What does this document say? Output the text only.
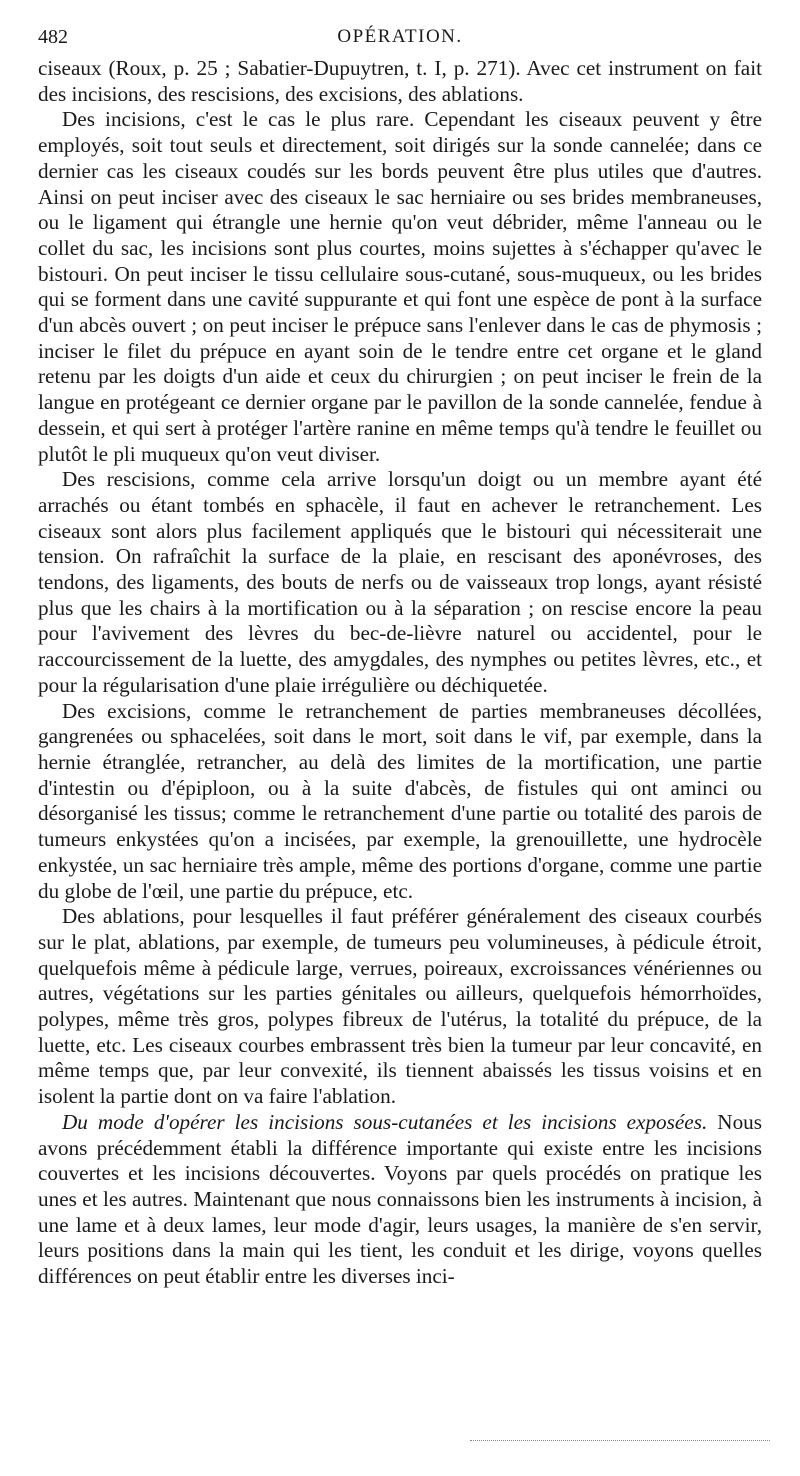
482	OPÉRATION.

ciseaux (Roux, p. 25 ; Sabatier-Dupuytren, t. I, p. 271). Avec cet instrument on fait des incisions, des rescisions, des excisions, des ablations.

Des incisions, c'est le cas le plus rare. Cependant les ciseaux peuvent y être employés, soit tout seuls et directement, soit dirigés sur la sonde cannelée; dans ce dernier cas les ciseaux coudés sur les bords peuvent être plus utiles que d'autres. Ainsi on peut inciser avec des ciseaux le sac herniaire ou ses brides membraneuses, ou le ligament qui étrangle une hernie qu'on veut débrider, même l'anneau ou le collet du sac, les incisions sont plus courtes, moins sujettes à s'échapper qu'avec le bistouri. On peut inciser le tissu cellulaire sous-cutané, sous-muqueux, ou les brides qui se forment dans une cavité suppurante et qui font une espèce de pont à la surface d'un abcès ouvert ; on peut inciser le prépuce sans l'enlever dans le cas de phymosis ; inciser le filet du prépuce en ayant soin de le tendre entre cet organe et le gland retenu par les doigts d'un aide et ceux du chirurgien ; on peut inciser le frein de la langue en protégeant ce dernier organe par le pavillon de la sonde cannelée, fendue à dessein, et qui sert à protéger l'artère ranine en même temps qu'à tendre le feuillet ou plutôt le pli muqueux qu'on veut diviser.

Des rescisions, comme cela arrive lorsqu'un doigt ou un membre ayant été arrachés ou étant tombés en sphacèle, il faut en achever le retranchement. Les ciseaux sont alors plus facilement appliqués que le bistouri qui nécessiterait une tension. On rafraîchit la surface de la plaie, en rescisant des aponévroses, des tendons, des ligaments, des bouts de nerfs ou de vaisseaux trop longs, ayant résisté plus que les chairs à la mortification ou à la séparation ; on rescise encore la peau pour l'avivement des lèvres du bec-de-lièvre naturel ou accidentel, pour le raccourcissement de la luette, des amygdales, des nymphes ou petites lèvres, etc., et pour la régularisation d'une plaie irrégulière ou déchiquetée.

Des excisions, comme le retranchement de parties membraneuses décollées, gangrenées ou sphacelées, soit dans le mort, soit dans le vif, par exemple, dans la hernie étranglée, retrancher, au delà des limites de la mortification, une partie d'intestin ou d'épiploon, ou à la suite d'abcès, de fistules qui ont aminci ou désorganisé les tissus; comme le retranchement d'une partie ou totalité des parois de tumeurs enkystées qu'on a incisées, par exemple, la grenouillette, une hydrocèle enkystée, un sac herniaire très ample, même des portions d'organe, comme une partie du globe de l'œil, une partie du prépuce, etc.

Des ablations, pour lesquelles il faut préférer généralement des ciseaux courbés sur le plat, ablations, par exemple, de tumeurs peu volumineuses, à pédicule étroit, quelquefois même à pédicule large, verrues, poireaux, excroissances vénériennes ou autres, végétations sur les parties génitales ou ailleurs, quelquefois hémorrhoïdes, polypes, même très gros, polypes fibreux de l'utérus, la totalité du prépuce, de la luette, etc. Les ciseaux courbes embrassent très bien la tumeur par leur concavité, en même temps que, par leur convexité, ils tiennent abaissés les tissus voisins et en isolent la partie dont on va faire l'ablation.

Du mode d'opérer les incisions sous-cutanées et les incisions exposées. Nous avons précédemment établi la différence importante qui existe entre les incisions couvertes et les incisions découvertes. Voyons par quels procédés on pratique les unes et les autres. Maintenant que nous connaissons bien les instruments à incision, à une lame et à deux lames, leur mode d'agir, leurs usages, la manière de s'en servir, leurs positions dans la main qui les tient, les conduit et les dirige, voyons quelles différences on peut établir entre les diverses inci-
